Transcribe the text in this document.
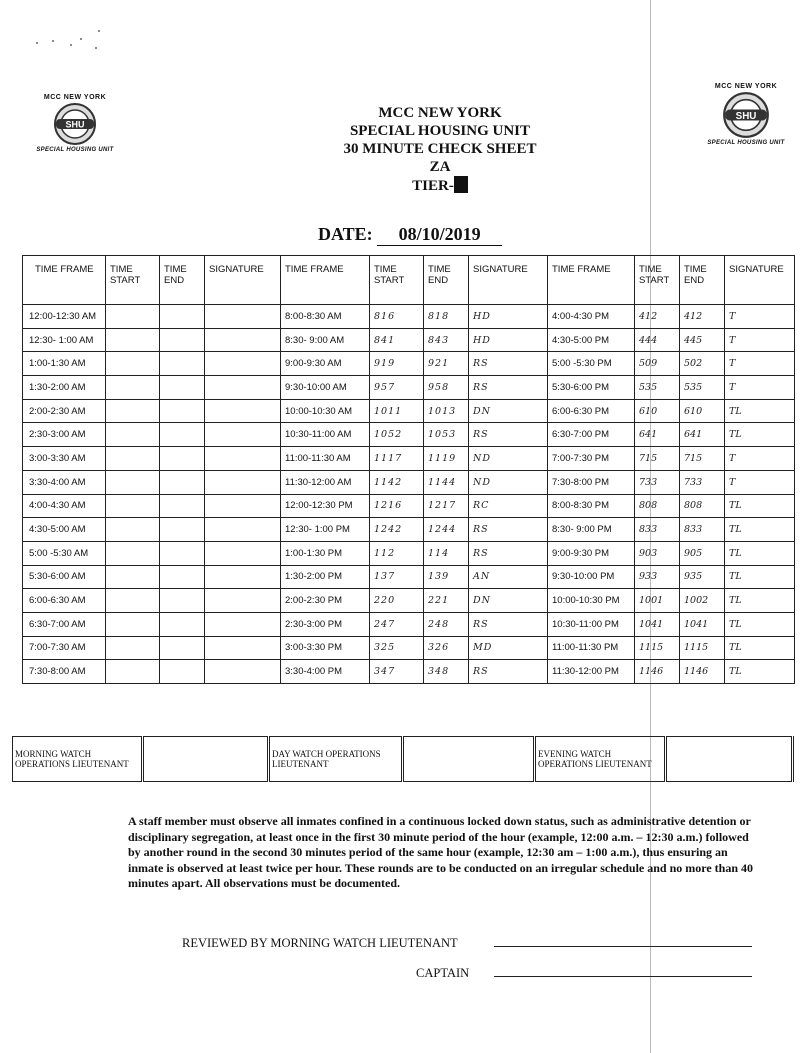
MCC NEW YORK
SHU
SPECIAL HOUSING UNIT
MCC NEW YORK
SHU
SPECIAL HOUSING UNIT
MCC NEW YORK
SPECIAL HOUSING UNIT
30 MINUTE CHECK SHEET
ZA
TIER- I
DATE: 08/10/2019
TIME FRAME	TIME START	TIME END	SIGNATURE	TIME FRAME	TIME START	TIME END	SIGNATURE	TIME FRAME	TIME START	TIME END	SIGNATURE
12:00-12:30 AM				8:00-8:30 AM	816	818	HD	4:00-4:30 PM	412	412	T
12:30- 1:00 AM				8:30- 9:00 AM	841	843	HD	4:30-5:00 PM	444	445	T
1:00-1:30 AM				9:00-9:30 AM	919	921	RS	5:00 -5:30 PM	509	502	T
1:30-2:00 AM				9:30-10:00 AM	957	958	RS	5:30-6:00 PM	535	535	T
2:00-2:30 AM				10:00-10:30 AM	1011	1013	DN	6:00-6:30 PM	610	610	TL
2:30-3:00 AM				10:30-11:00 AM	1052	1053	RS	6:30-7:00 PM	641	641	TL
3:00-3:30 AM				11:00-11:30 AM	1117	1119	ND	7:00-7:30 PM	715	715	T
3:30-4:00 AM				11:30-12:00 AM	1142	1144	ND	7:30-8:00 PM	733	733	T
4:00-4:30 AM				12:00-12:30 PM	1216	1217	RC	8:00-8:30 PM	808	808	TL
4:30-5:00 AM				12:30- 1:00 PM	1242	1244	RS	8:30- 9:00 PM	833	833	TL
5:00 -5:30 AM				1:00-1:30 PM	112	114	RS	9:00-9:30 PM	903	905	TL
5:30-6:00 AM				1:30-2:00 PM	137	139	AN	9:30-10:00 PM	933	935	TL
6:00-6:30 AM				2:00-2:30 PM	220	221	DN	10:00-10:30 PM	1001	1002	TL
6:30-7:00 AM				2:30-3:00 PM	247	248	RS	10:30-11:00 PM	1041	1041	TL
7:00-7:30 AM				3:00-3:30 PM	325	326	MD	11:00-11:30 PM	1115	1115	TL
7:30-8:00 AM				3:30-4:00 PM	347	348	RS	11:30-12:00 PM	1146	1146	TL
MORNING WATCH OPERATIONS LIEUTENANT		DAY WATCH OPERATIONS LIEUTENANT		EVENING WATCH OPERATIONS LIEUTENANT	
A staff member must observe all inmates confined in a continuous locked down status, such as administrative detention or disciplinary segregation, at least once in the first 30 minute period of the hour (example, 12:00 a.m. – 12:30 a.m.) followed by another round in the second 30 minutes period of the same hour (example, 12:30 am – 1:00 a.m.), thus ensuring an inmate is observed at least twice per hour. These rounds are to be conducted on an irregular schedule and no more than 40 minutes apart. All observations must be documented.
REVIEWED BY MORNING WATCH LIEUTENANT
CAPTAIN
